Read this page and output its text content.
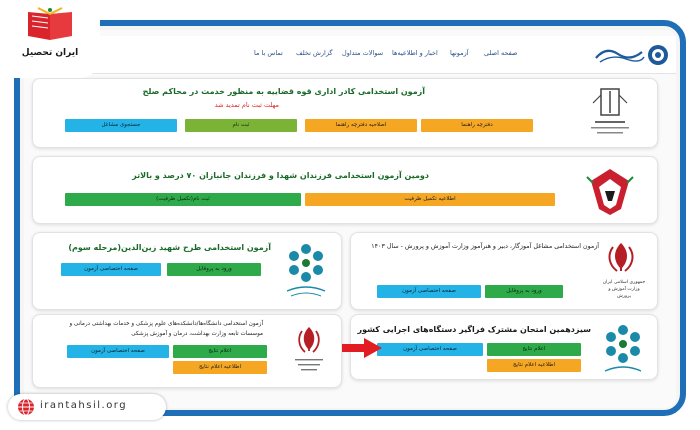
صفحه اصلی
آزمونها
اخبار و اطلاعیه‌ها
سوالات متداول
گزارش تخلف
تماس با ما
آزمون استخدامی کادر اداری قوه قضاییه به منظور خدمت در محاکم صلح
مهلت ثبت نام تمدید شد
دفترچه راهنما
اصلاحیه دفترچه راهنما
ثبت نام
جستجوی مشاغل
دومین آزمون استخدامی فرزندان شهدا و فرزندان جانبازان ۷۰ درصد و بالاتر
اطلاعیه تکمیل ظرفیت
ثبت نام(تکمیل ظرفیت)
جمهوری اسلامی ایران
وزارت آموزش و پرورش
آزمون استخدامی مشاغل آموزگار، دبیر و هنرآموز وزارت آموزش و پرورش - سال ۱۴۰۳
ورود به پروفایل
صفحه اختصاصی آزمون
آزمون استخدامی طرح شهید زین‌الدین(مرحله سوم)
ورود به پروفایل
صفحه اختصاصی آزمون
سیزدهمین امتحان مشترک فراگیر دستگاه‌های اجرایی کشور
اعلام نتایج
صفحه اختصاصی آزمون
اطلاعیه اعلام نتایج
آزمون استخدامی دانشگاه‌ها/دانشکده‌های علوم پزشکی و خدمات بهداشتی درمانی و
موسسات تابعه وزارت بهداشت، درمان و آموزش پزشکی
اعلام نتایج
صفحه اختصاصی آزمون
اطلاعیه اعلام نتایج
ایران تحصیل
irantahsil.org
